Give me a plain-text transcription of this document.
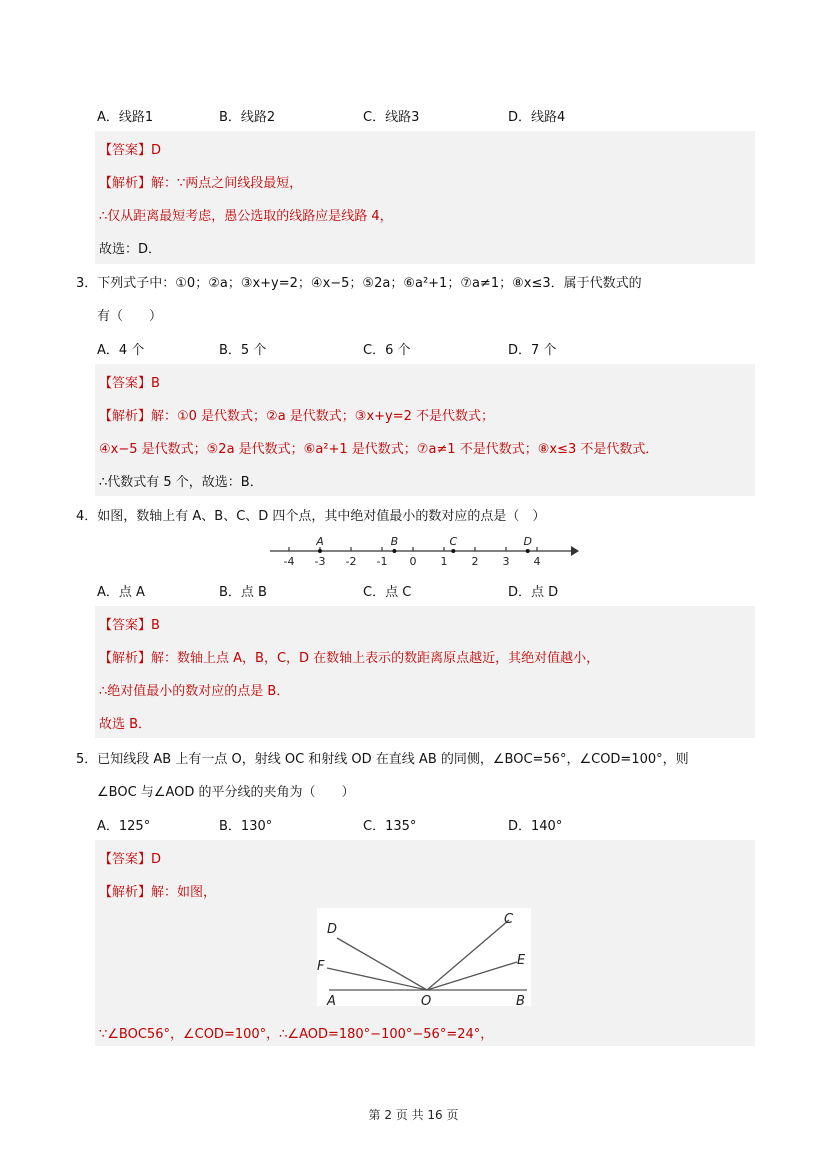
A．线路1	B．线路2	C．线路3	D．线路4
【答案】D
【解析】解：∵两点之间线段最短，
∴仅从距离最短考虑，愚公选取的线路应是线路 4，
故选：D．
3．下列式子中：①0；②a；③x+y=2；④x−5；⑤2a；⑥a²+1；⑦a≠1；⑧x≤3．属于代数式的
有（　　）
A．4 个	B．5 个	C．6 个	D．7 个
【答案】B
【解析】解：①0 是代数式；②a 是代数式；③x+y=2 不是代数式；
④x−5 是代数式；⑤2a 是代数式；⑥a²+1 是代数式；⑦a≠1 不是代数式；⑧x≤3 不是代数式．
∴代数式有 5 个，故选：B．
4．如图，数轴上有 A、B、C、D 四个点，其中绝对值最小的数对应的点是（　）
-4 -3 -2 -1 0 1 2 3 4
A	B	C	D
A．点 A	B．点 B	C．点 C	D．点 D
【答案】B
【解析】解：数轴上点 A，B，C，D 在数轴上表示的数距离原点越近，其绝对值越小，
∴绝对值最小的数对应的点是 B．
故选 B．
5．已知线段 AB 上有一点 O，射线 OC 和射线 OD 在直线 AB 的同侧，∠BOC=56°，∠COD=100°，则
∠BOC 与∠AOD 的平分线的夹角为（　　）
A．125°	B．130°	C．135°	D．140°
【答案】D
【解析】解：如图，
D
C
F	E
A	O	B
∵∠BOC56°，∠COD=100°，∴∠AOD=180°−100°−56°=24°，
第 2 页 共 16 页
